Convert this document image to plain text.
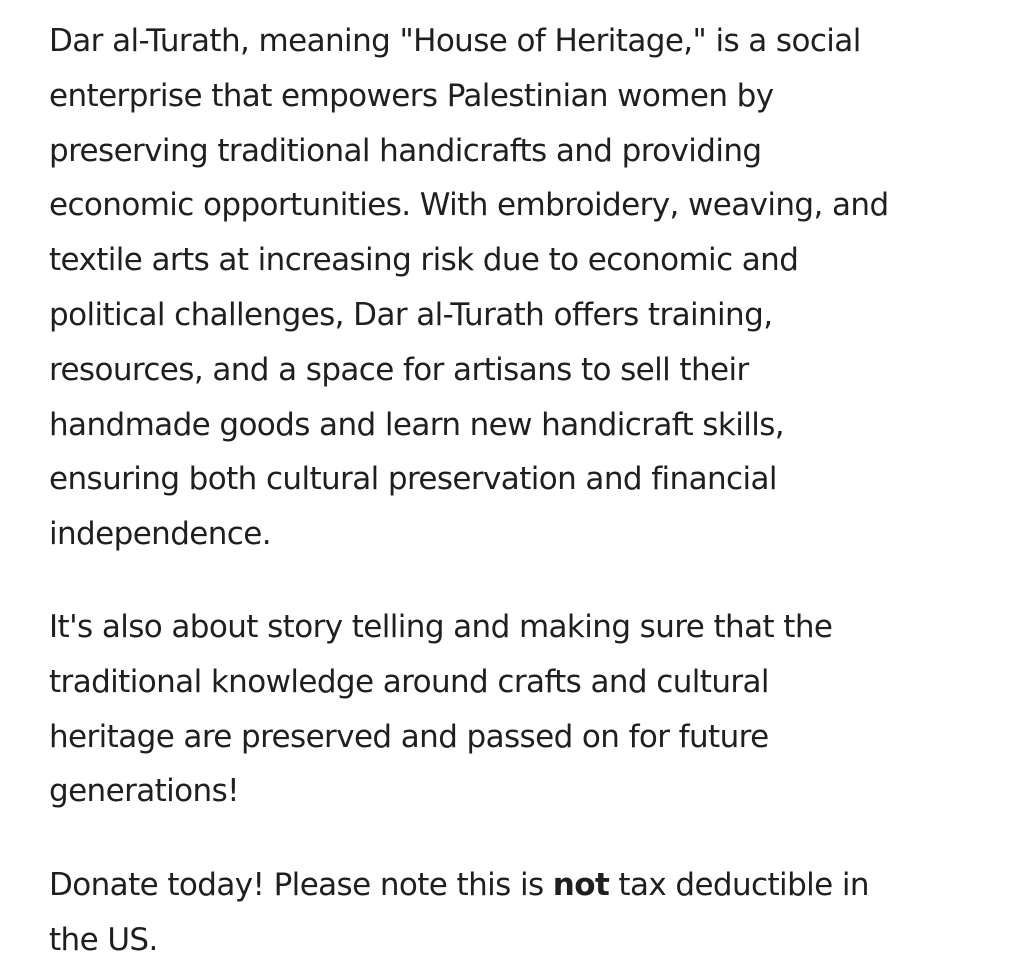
Dar al-Turath, meaning "House of Heritage," is a social
enterprise that empowers Palestinian women by
preserving traditional handicrafts and providing
economic opportunities. With embroidery, weaving, and
textile arts at increasing risk due to economic and
political challenges, Dar al-Turath offers training,
resources, and a space for artisans to sell their
handmade goods and learn new handicraft skills,
ensuring both cultural preservation and financial
independence.

It's also about story telling and making sure that the
traditional knowledge around crafts and cultural
heritage are preserved and passed on for future
generations!

Donate today! Please note this is not tax deductible in
the US.
